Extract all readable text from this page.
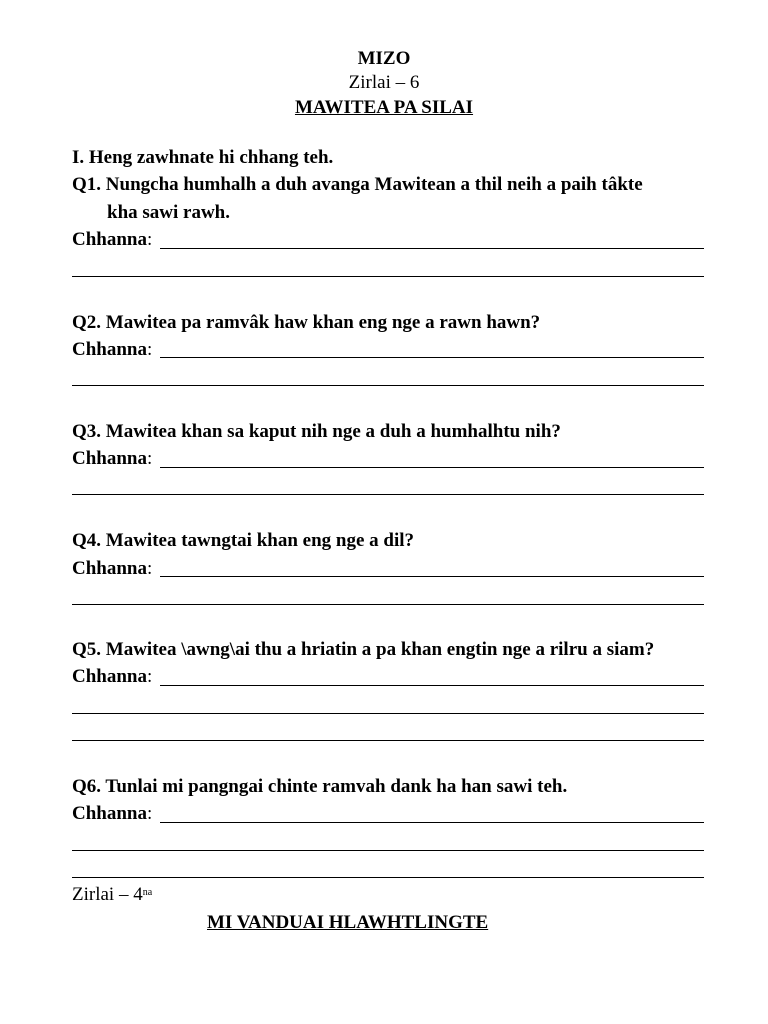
MIZO
Zirlai – 6
MAWITEA PA SILAI
I. Heng zawhnate hi chhang teh.
Q1. Nungcha humhalh a duh avanga Mawitean a thil neih a paih tâkte
kha sawi rawh.
Chhanna:
Q2. Mawitea pa ramvâk haw khan eng nge a rawn hawn?
Chhanna:
Q3. Mawitea khan sa kaput nih nge a duh a humhalhtu nih?
Chhanna:
Q4. Mawitea tawngtai khan eng nge a dil?
Chhanna:
Q5. Mawitea \awng\ai thu a hriatin a pa khan engtin nge a rilru a siam?
Chhanna:
Q6. Tunlai mi pangngai chinte ramvah dank ha han sawi teh.
Chhanna:
Zirlai – $4^{na}$
MI VANDUAI HLAWHTLINGTE
